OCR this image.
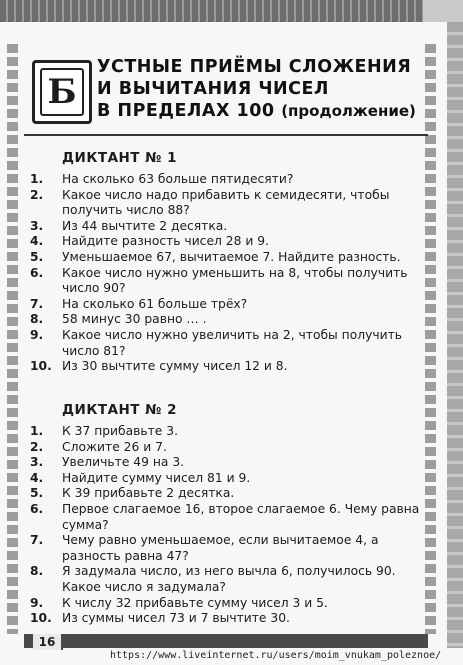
Б
УСТНЫЕ ПРИЁМЫ СЛОЖЕНИЯ
И ВЫЧИТАНИЯ ЧИСЕЛ
В ПРЕДЕЛАХ 100 (продолжение)
ДИКТАНТ № 1
1.	На сколько 63 больше пятидесяти?
2.	Какое число надо прибавить к семидесяти, чтобы получить число 88?
3.	Из 44 вычтите 2 десятка.
4.	Найдите разность чисел 28 и 9.
5.	Уменьшаемое 67, вычитаемое 7. Найдите разность.
6.	Какое число нужно уменьшить на 8, чтобы получить число 90?
7.	На сколько 61 больше трёх?
8.	58 минус 30 равно … .
9.	Какое число нужно увеличить на 2, чтобы получить число 81?
10. Из 30 вычтите сумму чисел 12 и 8.
ДИКТАНТ № 2
1.	К 37 прибавьте 3.
2.	Сложите 26 и 7.
3.	Увеличьте 49 на 3.
4.	Найдите сумму чисел 81 и 9.
5.	К 39 прибавьте 2 десятка.
6.	Первое слагаемое 16, второе слагаемое 6. Чему равна сумма?
7.	Чему равно уменьшаемое, если вычитаемое 4, а разность равна 47?
8.	Я задумала число, из него вычла 6, получилось 90. Какое число я задумала?
9.	К числу 32 прибавьте сумму чисел 3 и 5.
10. Из суммы чисел 73 и 7 вычтите 30.
16
https://www.liveinternet.ru/users/moim_vnukam_poleznoe/
